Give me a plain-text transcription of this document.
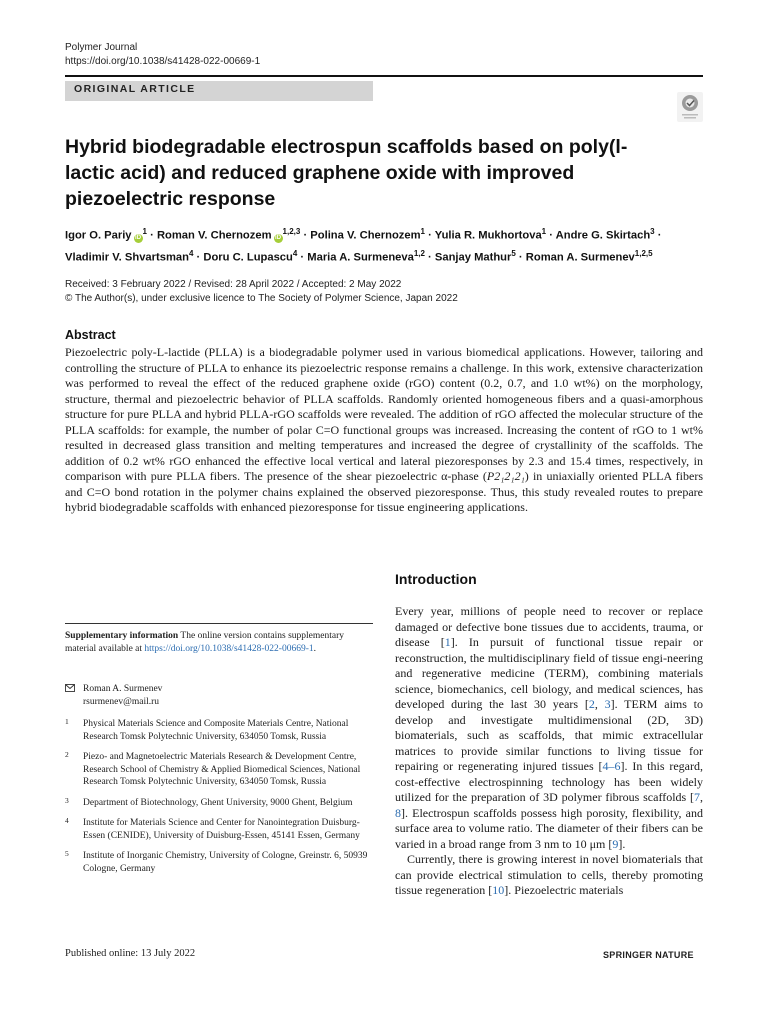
Polymer Journal
https://doi.org/10.1038/s41428-022-00669-1
ORIGINAL ARTICLE
Hybrid biodegradable electrospun scaffolds based on poly(l-lactic acid) and reduced graphene oxide with improved piezoelectric response
Igor O. Pariy $iD^1$ · Roman V. Chernozem iD$^{1,2,3}$ · Polina V. Chernozem$^1$ · Yulia R. Mukhortova$^1$ · Andre G. Skirtach$^3$ ·
Vladimir V. Shvartsman$^4$ · Doru C. Lupascu$^4$ · Maria A. Surmeneva$^{1,2}$ · Sanjay Mathur$^5$ · Roman A. Surmenev$^{1,2,5}$
Received: 3 February 2022 / Revised: 28 April 2022 / Accepted: 2 May 2022
© The Author(s), under exclusive licence to The Society of Polymer Science, Japan 2022
Abstract
Piezoelectric poly-L-lactide (PLLA) is a biodegradable polymer used in various biomedical applications. However, tailoring and controlling the structure of PLLA to enhance its piezoelectric response remains a challenge. In this work, extensive characterization was performed to reveal the effect of the reduced graphene oxide (rGO) content (0.2, 0.7, and 1.0 wt%) on the morphology, structure, thermal and piezoelectric behavior of PLLA scaffolds. Randomly oriented homogeneous fibers and a quasi-amorphous structure for pure PLLA and hybrid PLLA-rGO scaffolds were revealed. The addition of rGO affected the molecular structure of the PLLA scaffolds: for example, the number of polar C=O functional groups was increased. Increasing the content of rGO to 1 wt% resulted in decreased glass transition and melting temperatures and increased the degree of crystallinity of the scaffolds. The addition of 0.2 wt% rGO enhanced the effective local vertical and lateral piezoresponses by 2.3 and 15.4 times, respectively, in comparison with pure PLLA fibers. The presence of the shear piezoelectric α-phase (P2₁2₁2₁) in uniaxially oriented PLLA fibers and C=O bond rotation in the polymer chains explained the observed piezoresponse. Thus, this study revealed routes to prepare hybrid biodegradable scaffolds with enhanced piezoresponse for tissue engineering applications.
Introduction

Every year, millions of people need to recover or replace damaged or defective bone tissues due to accidents, trauma, or disease [1]. In pursuit of functional tissue repair or reconstruction, the multidisciplinary field of tissue engi-neering and regenerative medicine (TERM), combining materials science, biomechanics, cell biology, and medical sciences, has developed during the last 30 years [2, 3]. TERM aims to develop and investigate multidimensional (2D, 3D) biomaterials, such as scaffolds, that mimic extracellular matrices to provide similar functions to living tissue for repairing or regenerating injured tissues [4–6]. In this regard, cost-effective electrospinning technology has been widely utilized for the preparation of 3D polymer fibrous scaffolds [7, 8]. Electrospun scaffolds possess high porosity, flexibility, and surface area to volume ratio. The diameter of their fibers can be varied in a broad range from 3 nm to 10 μm [9].

Currently, there is growing interest in novel biomaterials that can provide electrical stimulation to cells, thereby promoting tissue regeneration [10]. Piezoelectric materials

Supplementary information The online version contains supplementary material available at https://doi.org/10.1038/s41428-022-00669-1.
Roman A. Surmenev
rsurmenev@mail.ru
1 Physical Materials Science and Composite Materials Centre, National Research Tomsk Polytechnic University, 634050 Tomsk, Russia
2 Piezo- and Magnetoelectric Materials Research & Development Centre, Research School of Chemistry & Applied Biomedical Sciences, National Research Tomsk Polytechnic University, 634050 Tomsk, Russia
3 Department of Biotechnology, Ghent University, 9000 Ghent, Belgium
4 Institute for Materials Science and Center for Nanointegration Duisburg-Essen (CENIDE), University of Duisburg-Essen, 45141 Essen, Germany
5 Institute of Inorganic Chemistry, University of Cologne, Greinstr. 6, 50939 Cologne, Germany
Published online: 13 July 2022	SPRINGER NATURE
